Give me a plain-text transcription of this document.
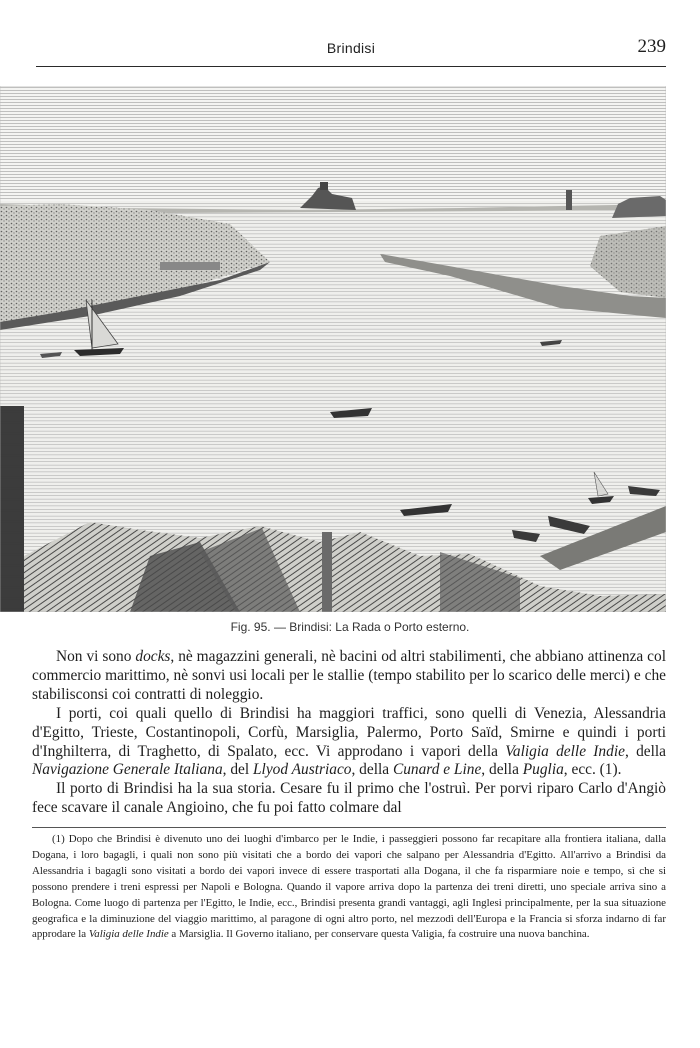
Brindisi	239
Fig. 95. — Brindisi: La Rada o Porto esterno.

Non vi sono docks, nè magazzini generali, nè bacini od altri stabilimenti, che abbiano attinenza col commercio marittimo, nè sonvi usi locali per le stallie (tempo stabilito per lo scarico delle merci) e che stabilisconsi coi contratti di noleggio.

I porti, coi quali quello di Brindisi ha maggiori traffici, sono quelli di Venezia, Alessandria d'Egitto, Trieste, Costantinopoli, Corfù, Marsiglia, Palermo, Porto Saïd, Smirne e quindi i porti d'Inghilterra, di Traghetto, di Spalato, ecc. Vi approdano i vapori della Valigia delle Indie, della Navigazione Generale Italiana, del Llyod Austriaco, della Cunard e Line, della Puglia, ecc. (1).

Il porto di Brindisi ha la sua storia. Cesare fu il primo che l'ostruì. Per porvi riparo Carlo d'Angiò fece scavare il canale Angioino, che fu poi fatto colmare dal

(1) Dopo che Brindisi è divenuto uno dei luoghi d'imbarco per le Indie, i passeggieri possono far recapitare alla frontiera italiana, dalla Dogana, i loro bagagli, i quali non sono più visitati che a bordo dei vapori che salpano per Alessandria d'Egitto. All'arrivo a Brindisi da Alessandria i bagagli sono visitati a bordo dei vapori invece di essere trasportati alla Dogana, il che fa risparmiare noie e tempo, sì che si possono prendere i treni espressi per Napoli e Bologna. Quando il vapore arriva dopo la partenza dei treni diretti, uno speciale arriva sino a Bologna. Come luogo di partenza per l'Egitto, le Indie, ecc., Brindisi presenta grandi vantaggi, agli Inglesi principalmente, per la sua situazione geografica e la diminuzione del viaggio marittimo, al paragone di ogni altro porto, nel mezzodì dell'Europa e la Francia si sforza indarno di far approdare la Valigia delle Indie a Marsiglia. Il Governo italiano, per conservare questa Valigia, fa costruire una nuova banchina.
